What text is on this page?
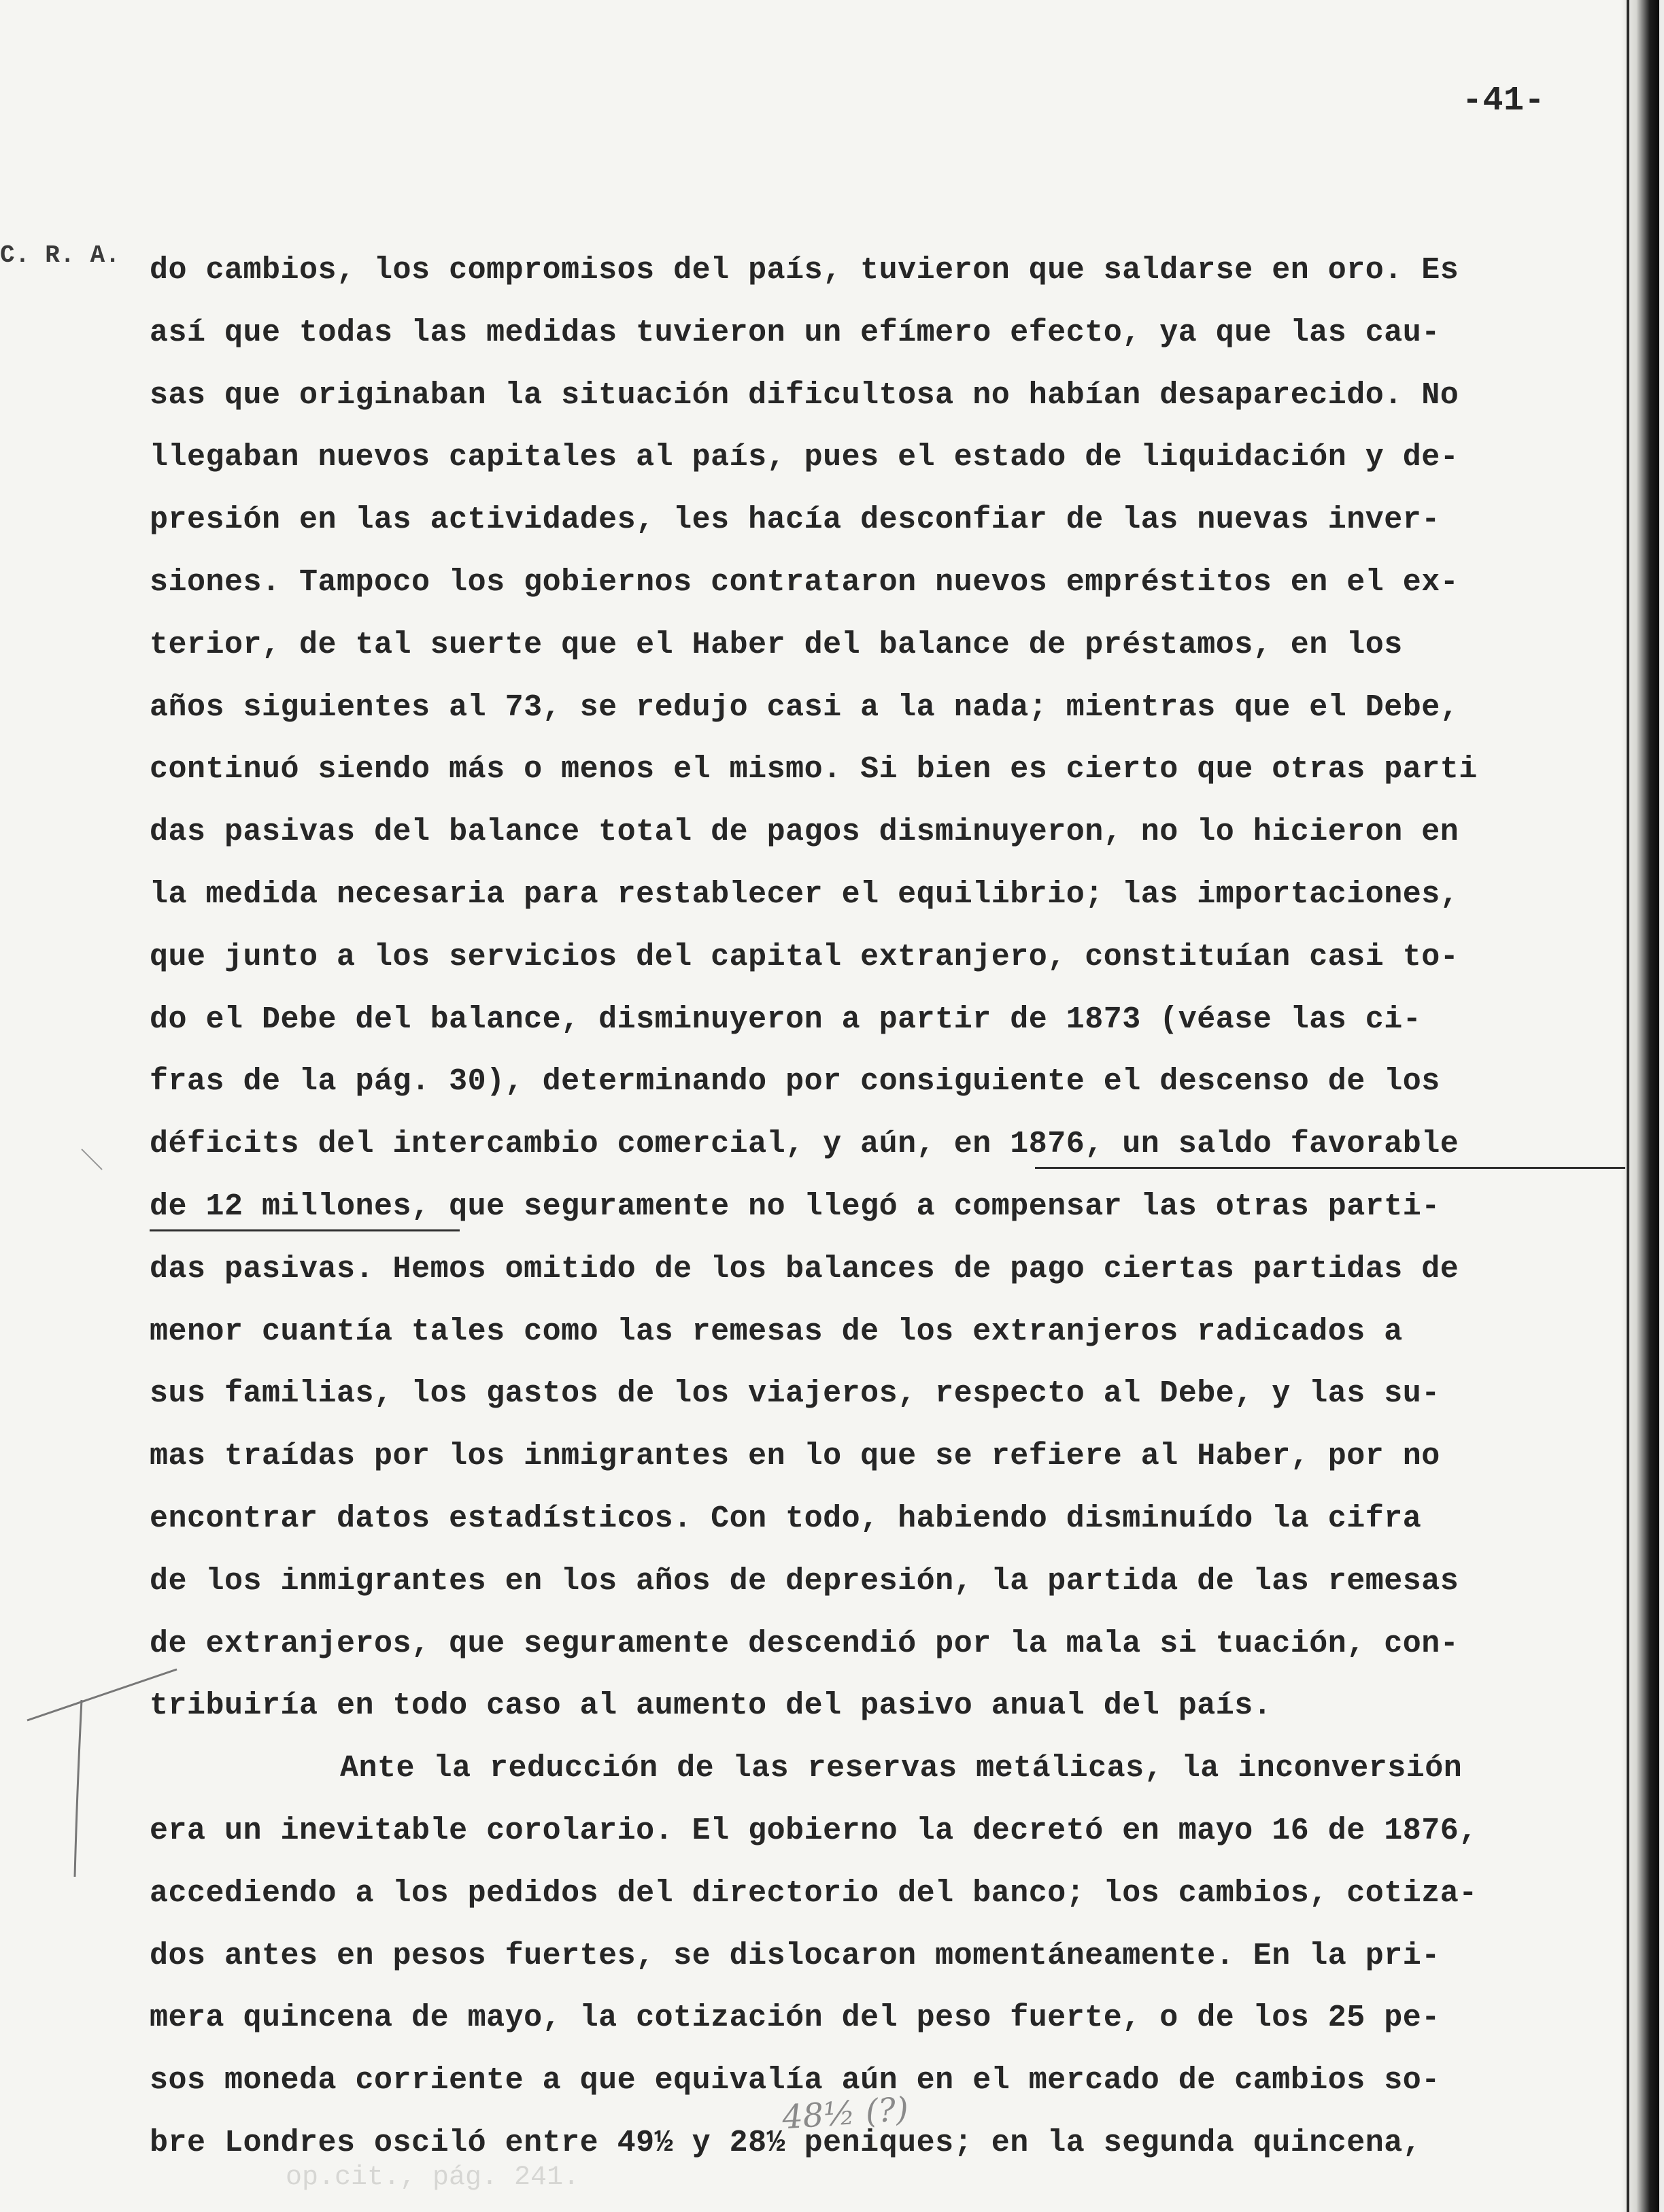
-41-
C. R. A. do cambios, los compromisos del país, tuvieron que saldarse en oro. Es
así que todas las medidas tuvieron un efímero efecto, ya que las cau-
sas que originaban la situación dificultosa no habían desaparecido. No
llegaban nuevos capitales al país, pues el estado de liquidación y de-
presión en las actividades, les hacía desconfiar de las nuevas inver-
siones. Tampoco los gobiernos contrataron nuevos empréstitos en el ex-
terior, de tal suerte que el Haber del balance de préstamos, en los
años siguientes al 73, se redujo casi a la nada; mientras que el Debe,
continuó siendo más o menos el mismo. Si bien es cierto que otras parti
das pasivas del balance total de pagos disminuyeron, no lo hicieron en
la medida necesaria para restablecer el equilibrio; las importaciones,
que junto a los servicios del capital extranjero, constituían casi to-
do el Debe del balance, disminuyeron a partir de 1873 (véase las ci-
fras de la pág. 30), determinando por consiguiente el descenso de los
déficits del intercambio comercial, y aún, en 1876, un saldo favorable
de 12 millones, que seguramente no llegó a compensar las otras parti-
das pasivas. Hemos omitido de los balances de pago ciertas partidas de
menor cuantía tales como las remesas de los extranjeros radicados a
sus familias, los gastos de los viajeros, respecto al Debe, y las su-
mas traídas por los inmigrantes en lo que se refiere al Haber, por no
encontrar datos estadísticos. Con todo, habiendo disminuído la cifra
de los inmigrantes en los años de depresión, la partida de las remesas
de extranjeros, que seguramente descendió por la mala si tuación, con-
tribuiría en todo caso al aumento del pasivo anual del país.
Ante la reducción de las reservas metálicas, la inconversión
era un inevitable corolario. El gobierno la decretó en mayo 16 de 1876,
accediendo a los pedidos del directorio del banco; los cambios, cotiza-
dos antes en pesos fuertes, se dislocaron momentáneamente. En la pri-
mera quincena de mayo, la cotización del peso fuerte, o de los 25 pe-
sos moneda corriente a que equivalía aún en el mercado de cambios so-
bre Londres osciló entre 49½ y 28½ peniques; en la segunda quincena,
48½ (?)
op.cit., pág. 241.
